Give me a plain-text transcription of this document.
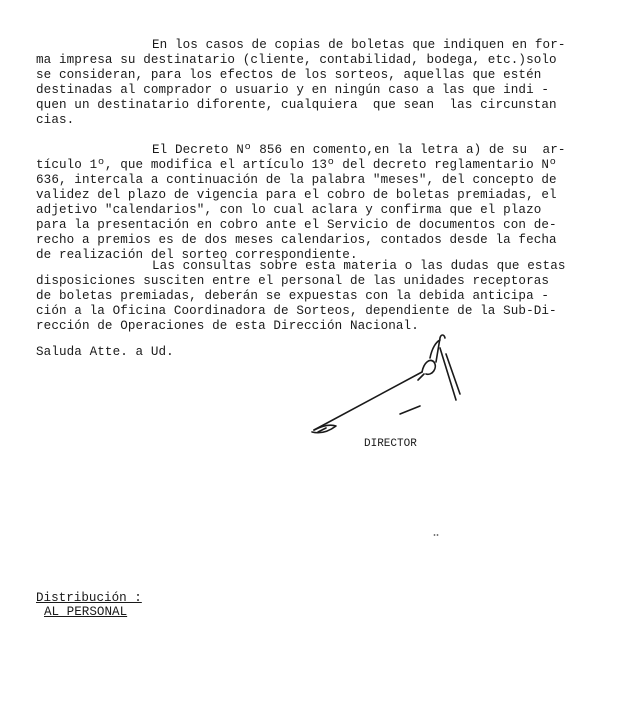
En los casos de copias de boletas que indiquen en for-
ma impresa su destinatario (cliente, contabilidad, bodega, etc.)solo
se consideran, para los efectos de los sorteos, aquellas que estén
destinadas al comprador o usuario y en ningún caso a las que indi -
quen un destinatario diforente, cualquiera  que sean  las circunstan
cias.
El Decreto Nº 856 en comento,en la letra a) de su  ar-
tículo 1º, que modifica el artículo 13º del decreto reglamentario Nº
636, intercala a continuación de la palabra "meses", del concepto de
validez del plazo de vigencia para el cobro de boletas premiadas, el
adjetivo "calendarios", con lo cual aclara y confirma que el plazo
para la presentación en cobro ante el Servicio de documentos con de-
recho a premios es de dos meses calendarios, contados desde la fecha
de realización del sorteo correspondiente.
Las consultas sobre esta materia o las dudas que estas
disposiciones susciten entre el personal de las unidades receptoras
de boletas premiadas, deberán se expuestas con la debida anticipa -
ción a la Oficina Coordinadora de Sorteos, dependiente de la Sub-Di-
rección de Operaciones de esta Dirección Nacional.
Saluda Atte. a Ud.
DIRECTOR
Distribución :
AL PERSONAL
